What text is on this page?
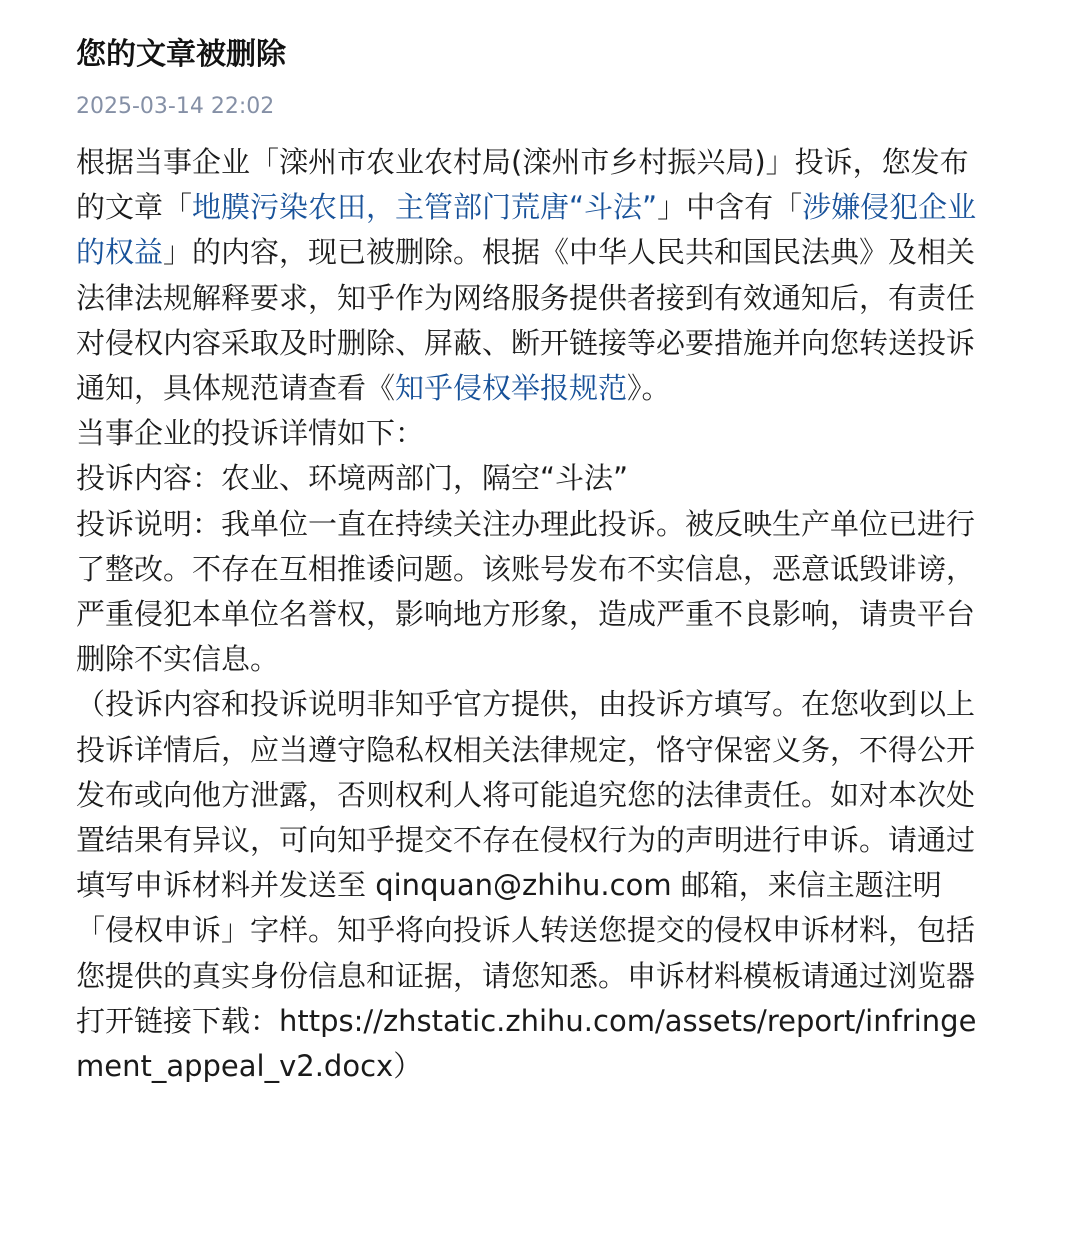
您的文章被删除
2025-03-14 22:02
根据当事企业「滦州市农业农村局(滦州市乡村振兴局)」投诉，您发布的文章「地膜污染农田，主管部门荒唐“斗法”」中含有「涉嫌侵犯企业的权益」的内容，现已被删除。根据《中华人民共和国民法典》及相关法律法规解释要求，知乎作为网络服务提供者接到有效通知后，有责任对侵权内容采取及时删除、屏蔽、断开链接等必要措施并向您转送投诉通知，具体规范请查看《知乎侵权举报规范》。
当事企业的投诉详情如下：
投诉内容：农业、环境两部门，隔空“斗法”
投诉说明：我单位一直在持续关注办理此投诉。被反映生产单位已进行了整改。不存在互相推诿问题。该账号发布不实信息，恶意诋毁诽谤，严重侵犯本单位名誉权，影响地方形象，造成严重不良影响，请贵平台删除不实信息。
（投诉内容和投诉说明非知乎官方提供，由投诉方填写。在您收到以上投诉详情后，应当遵守隐私权相关法律规定，恪守保密义务，不得公开发布或向他方泄露，否则权利人将可能追究您的法律责任。如对本次处置结果有异议，可向知乎提交不存在侵权行为的声明进行申诉。请通过填写申诉材料并发送至 qinquan@zhihu.com 邮箱，来信主题注明「侵权申诉」字样。知乎将向投诉人转送您提交的侵权申诉材料，包括您提供的真实身份信息和证据，请您知悉。申诉材料模板请通过浏览器打开链接下载：https://zhstatic.zhihu.com/assets/report/infringement_appeal_v2.docx）
